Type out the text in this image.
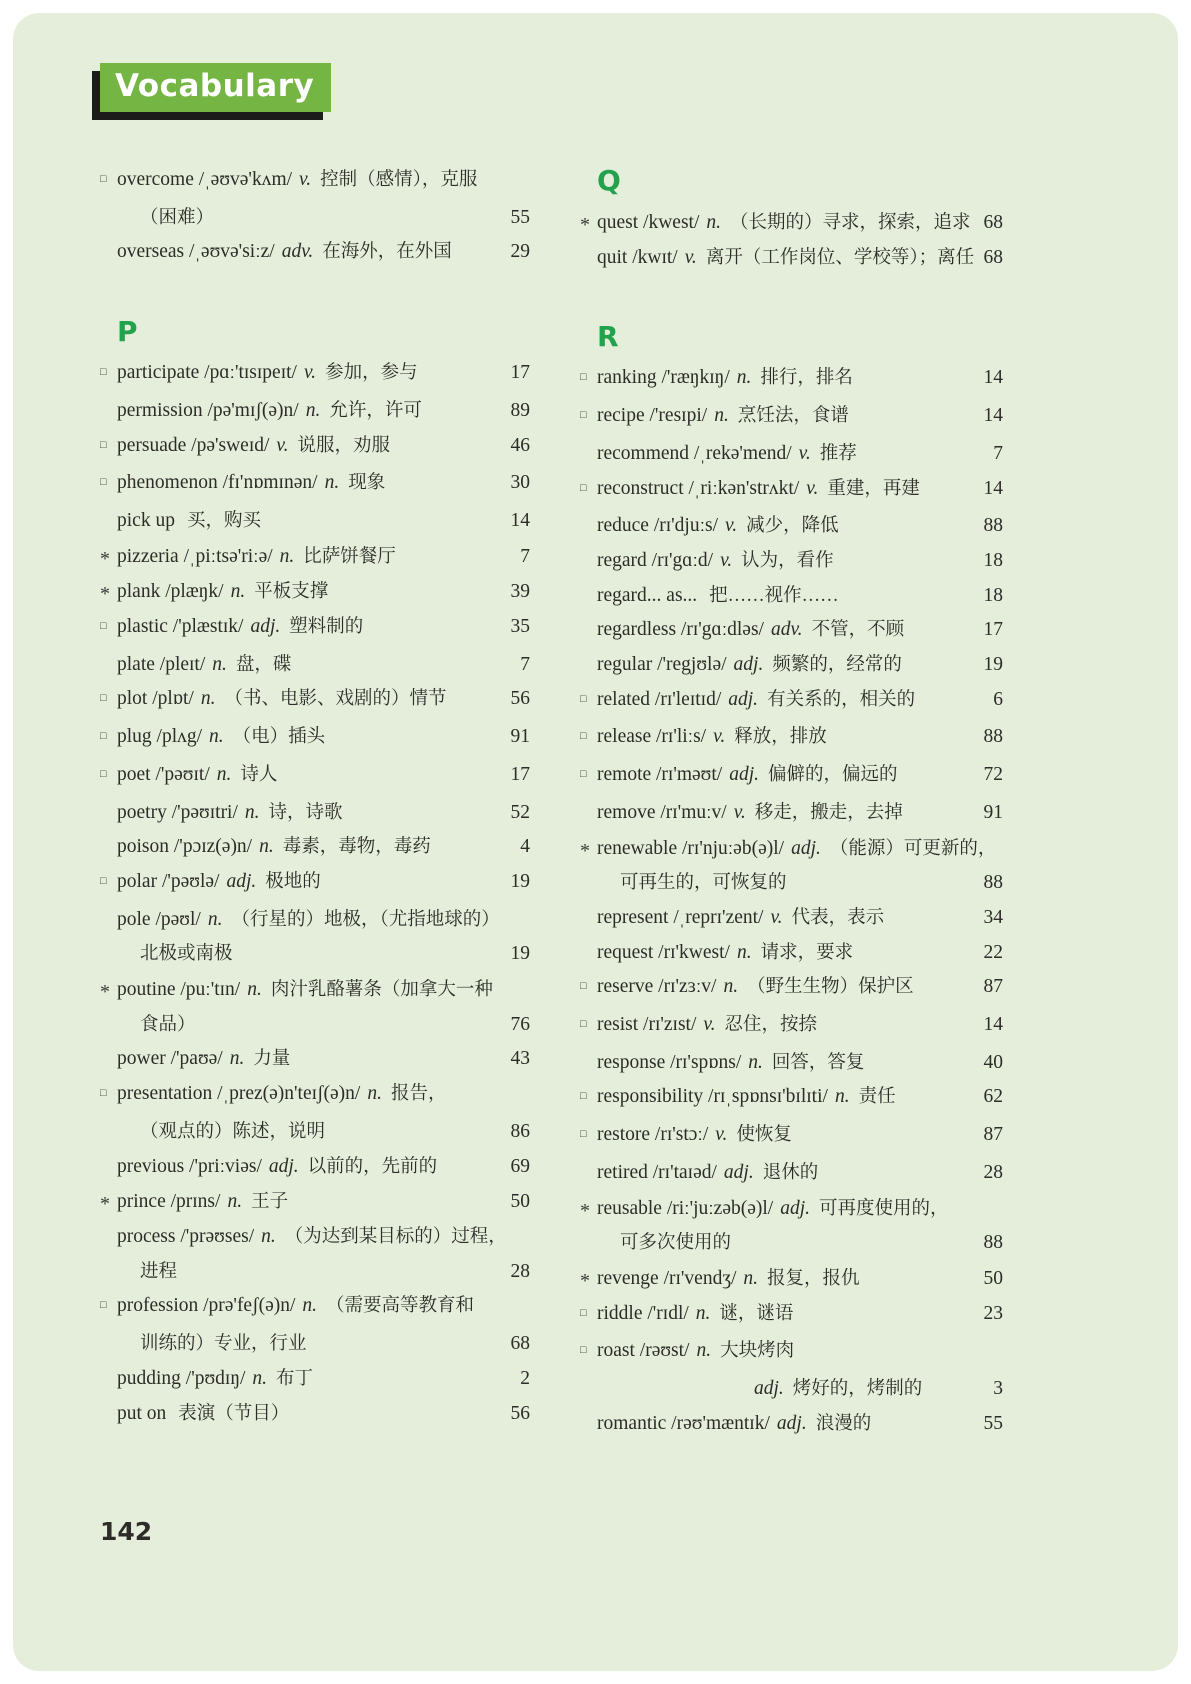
Vocabulary
□ overcome /ˌəʊvə'kʌm/ v. 控制（感情），克服
（困难）	55
overseas /ˌəʊvə'siːz/ adv. 在海外，在外国	29
P
□ participate /pɑː'tɪsɪpeɪt/ v. 参加，参与	17
permission /pə'mɪʃ(ə)n/ n. 允许，许可	89
□ persuade /pə'sweɪd/ v. 说服，劝服	46
□ phenomenon /fɪ'nɒmɪnən/ n. 现象	30
pick up 买，购买	14
* pizzeria /ˌpiːtsə'riːə/ n. 比萨饼餐厅	7
* plank /plæŋk/ n. 平板支撑	39
□ plastic /'plæstɪk/ adj. 塑料制的	35
plate /pleɪt/ n. 盘，碟	7
□ plot /plɒt/ n. （书、电影、戏剧的）情节	56
□ plug /plʌg/ n. （电）插头	91
□ poet /'pəʊɪt/ n. 诗人	17
poetry /'pəʊɪtri/ n. 诗，诗歌	52
poison /'pɔɪz(ə)n/ n. 毒素，毒物，毒药	4
□ polar /'pəʊlə/ adj. 极地的	19
pole /pəʊl/ n. （行星的）地极，（尤指地球的）
北极或南极	19
* poutine /puː'tɪn/ n. 肉汁乳酪薯条（加拿大一种
食品）	76
power /'paʊə/ n. 力量	43
□ presentation /ˌprez(ə)n'teɪʃ(ə)n/ n. 报告，
（观点的）陈述，说明	86
previous /'priːviəs/ adj. 以前的，先前的	69
* prince /prɪns/ n. 王子	50
process /'prəʊses/ n. （为达到某目标的）过程，
进程	28
□ profession /prə'feʃ(ə)n/ n. （需要高等教育和
训练的）专业，行业	68
pudding /'pʊdɪŋ/ n. 布丁	2
put on 表演（节目）	56
Q
* quest /kwest/ n. （长期的）寻求，探索，追求 68
quit /kwɪt/ v. 离开（工作岗位、学校等）；离任 68
R
□ ranking /'ræŋkɪŋ/ n. 排行，排名	14
□ recipe /'resɪpi/ n. 烹饪法，食谱	14
recommend /ˌrekə'mend/ v. 推荐	7
□ reconstruct /ˌriːkən'strʌkt/ v. 重建，再建	14
reduce /rɪ'djuːs/ v. 减少，降低	88
regard /rɪ'gɑːd/ v. 认为，看作	18
regard... as... 把……视作……	18
regardless /rɪ'gɑːdləs/ adv. 不管，不顾	17
regular /'regjʊlə/ adj. 频繁的，经常的	19
□ related /rɪ'leɪtɪd/ adj. 有关系的，相关的	6
□ release /rɪ'liːs/ v. 释放，排放	88
□ remote /rɪ'məʊt/ adj. 偏僻的，偏远的	72
remove /rɪ'muːv/ v. 移走，搬走，去掉	91
* renewable /rɪ'njuːəb(ə)l/ adj. （能源）可更新的，
可再生的，可恢复的	88
represent /ˌreprɪ'zent/ v. 代表，表示	34
request /rɪ'kwest/ n. 请求，要求	22
□ reserve /rɪ'zɜːv/ n. （野生生物）保护区	87
□ resist /rɪ'zɪst/ v. 忍住，按捺	14
response /rɪ'spɒns/ n. 回答，答复	40
□ responsibility /rɪˌspɒnsɪ'bɪlɪti/ n. 责任	62
□ restore /rɪ'stɔː/ v. 使恢复	87
retired /rɪ'taɪəd/ adj. 退休的	28
* reusable /riː'juːzəb(ə)l/ adj. 可再度使用的，
可多次使用的	88
* revenge /rɪ'vendʒ/ n. 报复，报仇	50
□ riddle /'rɪdl/ n. 谜，谜语	23
□ roast /rəʊst/ n. 大块烤肉
adj. 烤好的，烤制的	3
romantic /rəʊ'mæntɪk/ adj. 浪漫的	55
142
